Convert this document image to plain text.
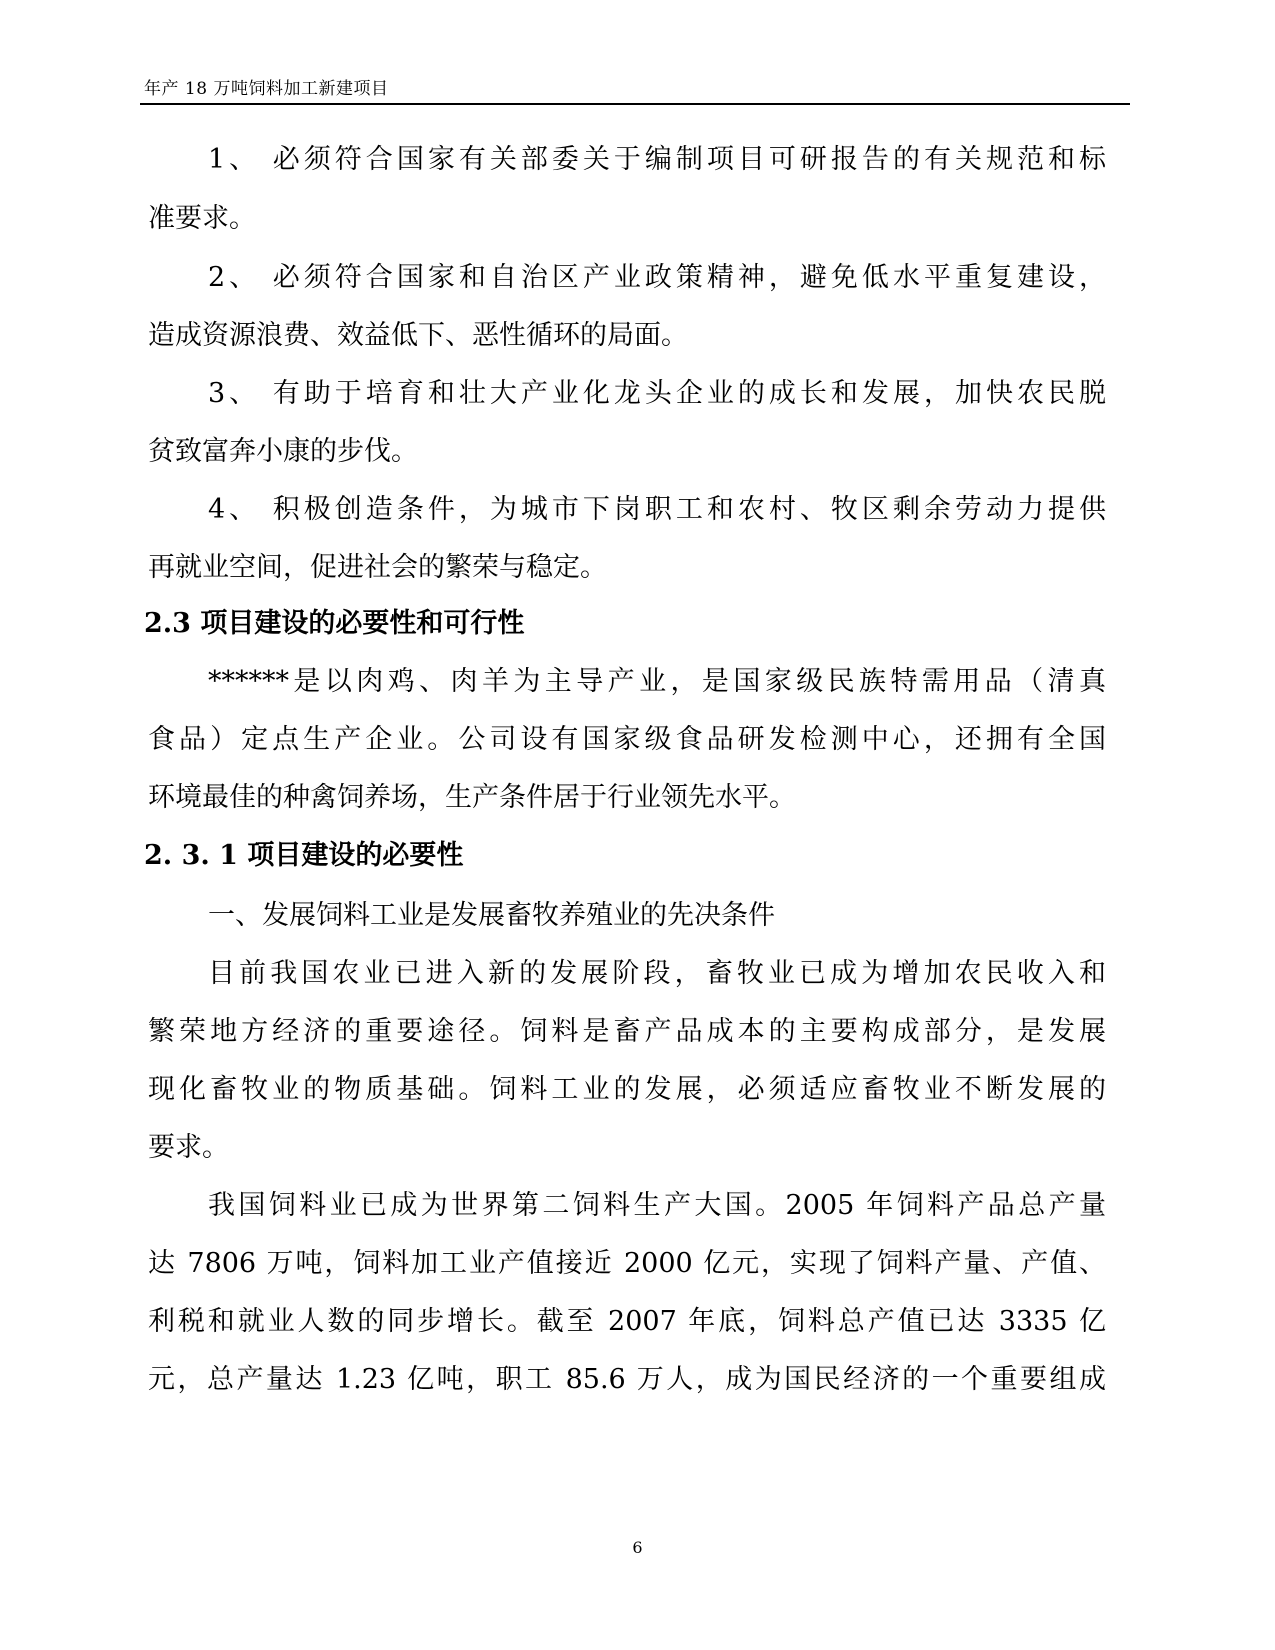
年产 18 万吨饲料加工新建项目
1、 必须符合国家有关部委关于编制项目可研报告的有关规范和标
准要求。
2、 必须符合国家和自治区产业政策精神，避免低水平重复建设，
造成资源浪费、效益低下、恶性循环的局面。
3、 有助于培育和壮大产业化龙头企业的成长和发展，加快农民脱
贫致富奔小康的步伐。
4、 积极创造条件，为城市下岗职工和农村、牧区剩余劳动力提供
再就业空间，促进社会的繁荣与稳定。
2.3 项目建设的必要性和可行性
******是以肉鸡、肉羊为主导产业，是国家级民族特需用品（清真
食品）定点生产企业。公司设有国家级食品研发检测中心，还拥有全国
环境最佳的种禽饲养场，生产条件居于行业领先水平。
2. 3. 1 项目建设的必要性
一、发展饲料工业是发展畜牧养殖业的先决条件
目前我国农业已进入新的发展阶段，畜牧业已成为增加农民收入和
繁荣地方经济的重要途径。饲料是畜产品成本的主要构成部分，是发展
现化畜牧业的物质基础。饲料工业的发展，必须适应畜牧业不断发展的
要求。
我国饲料业已成为世界第二饲料生产大国。2005 年饲料产品总产量
达 7806 万吨，饲料加工业产值接近 2000 亿元，实现了饲料产量、产值、
利税和就业人数的同步增长。截至 2007 年底，饲料总产值已达 3335 亿
元，总产量达 1.23 亿吨，职工 85.6 万人，成为国民经济的一个重要组成
6
